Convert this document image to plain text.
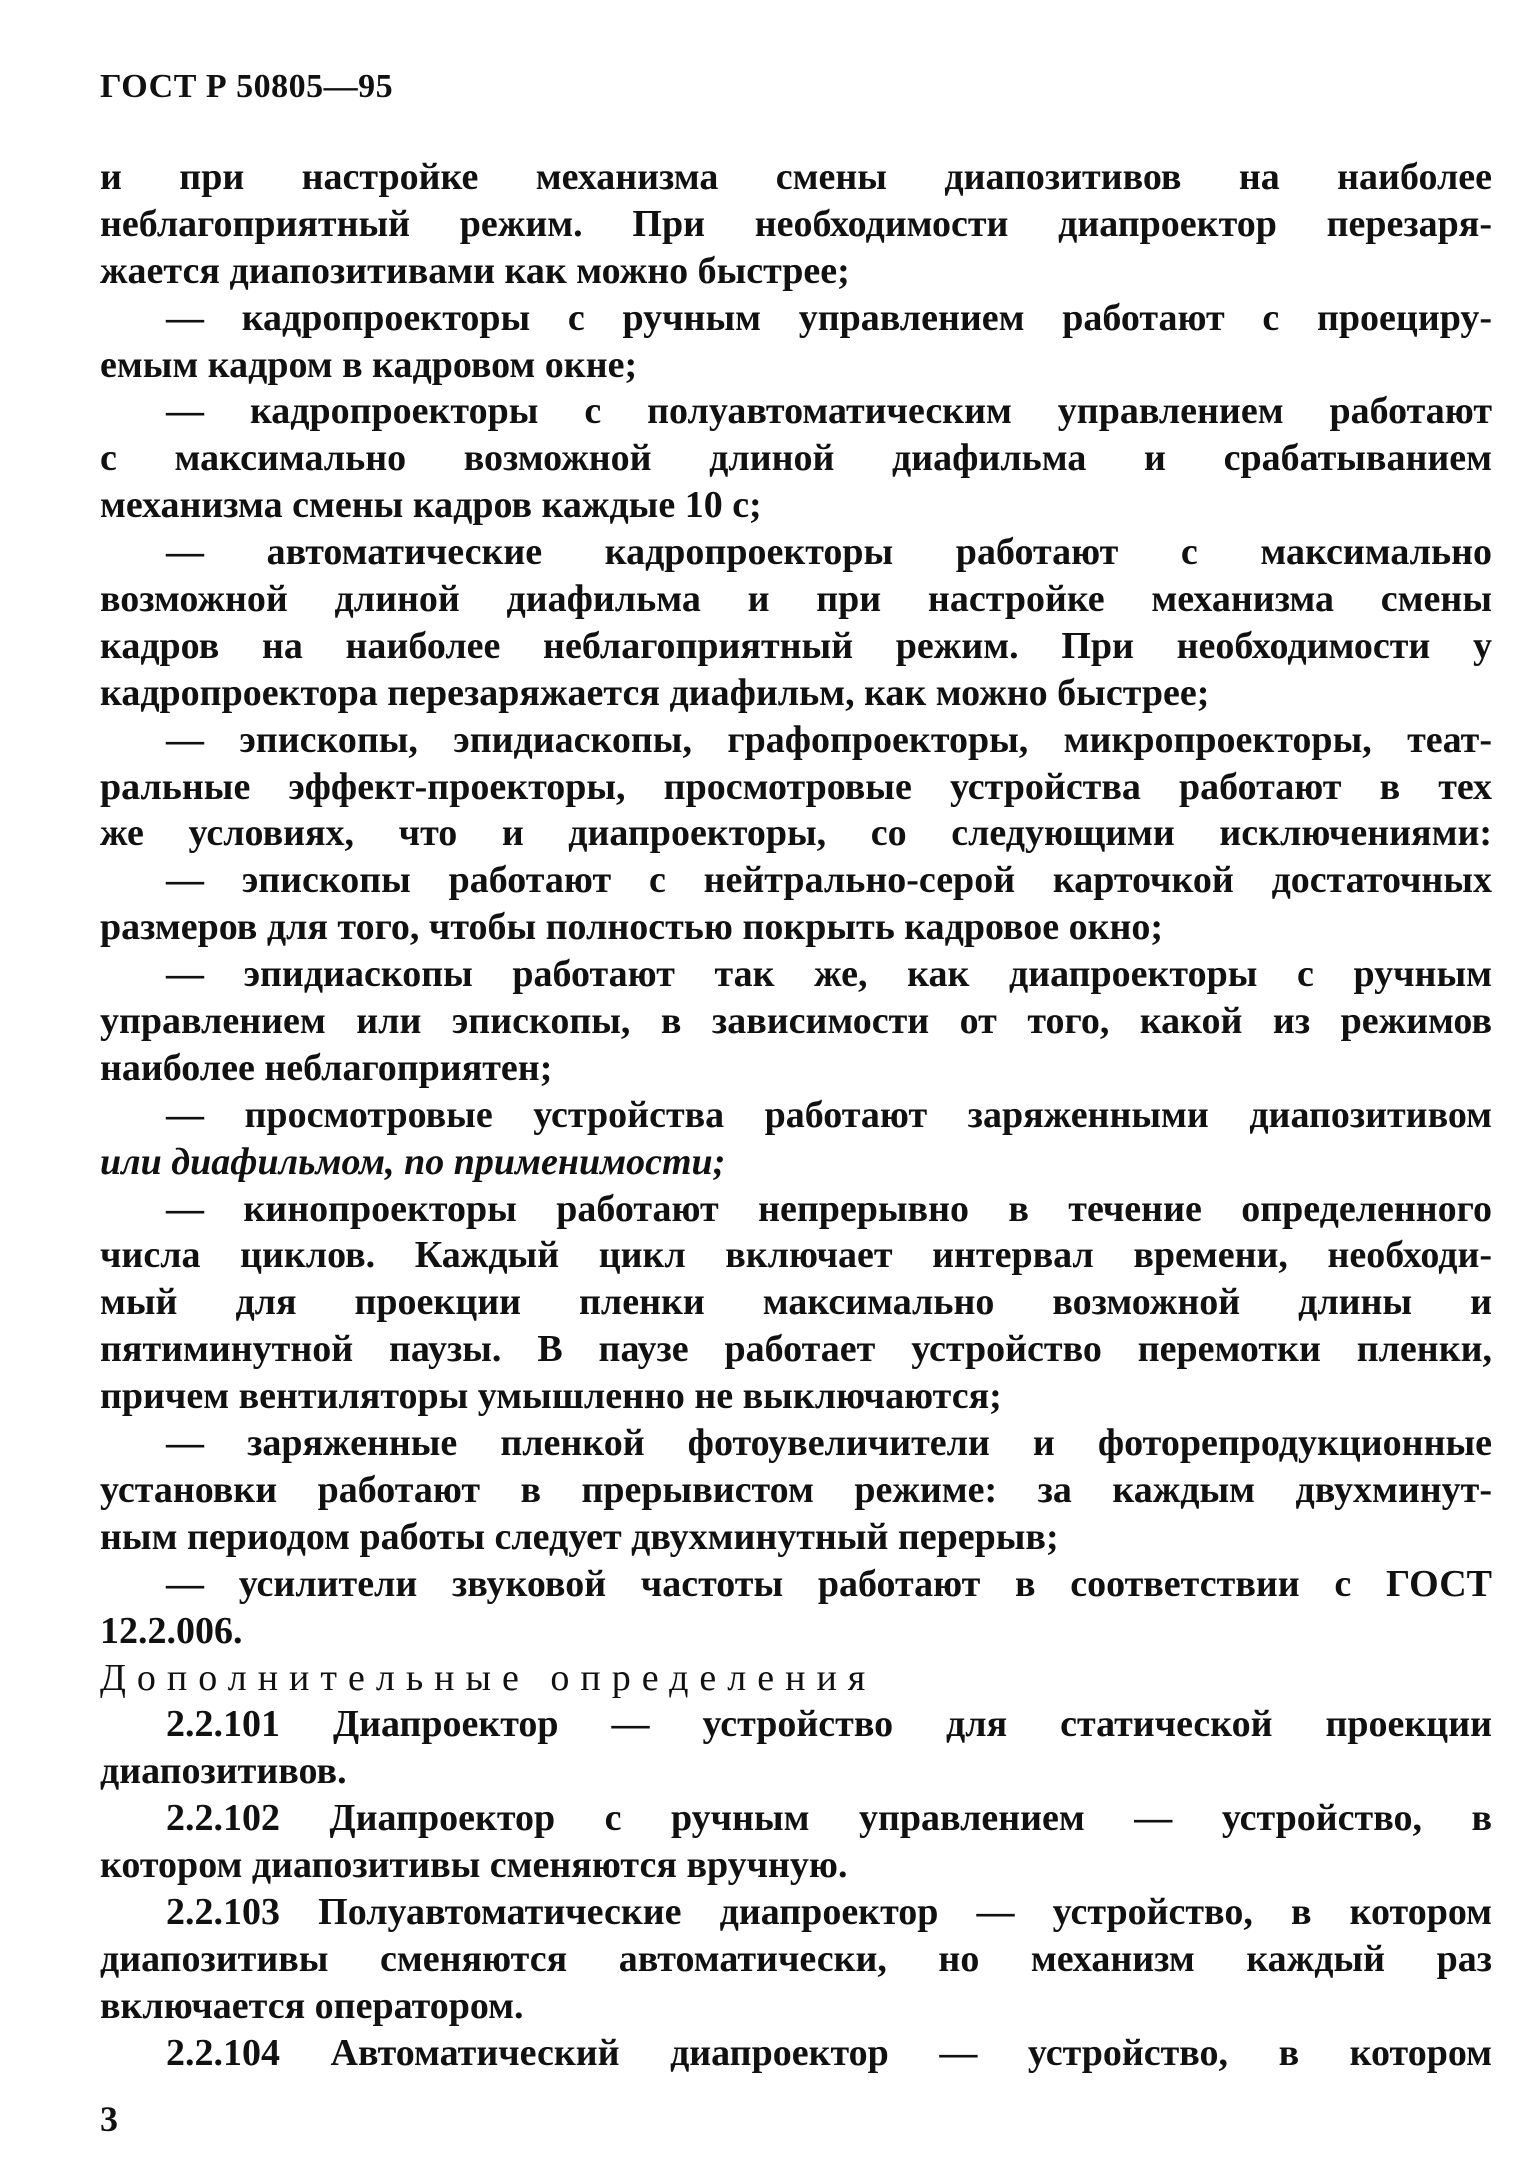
ГОСТ Р 50805—95
и при настройке механизма смены диапозитивов на наиболее
неблагоприятный режим. При необходимости диапроектор перезаря-
жается диапозитивами как можно быстрее;
— кадропроекторы с ручным управлением работают с проециру-
емым кадром в кадровом окне;
— кадропроекторы с полуавтоматическим управлением работают
с максимально возможной длиной диафильма и срабатыванием
механизма смены кадров каждые 10 с;
— автоматические кадропроекторы работают с максимально
возможной длиной диафильма и при настройке механизма смены
кадров на наиболее неблагоприятный режим. При необходимости у
кадропроектора перезаряжается диафильм, как можно быстрее;
— эпископы, эпидиаскопы, графопроекторы, микропроекторы, теат-
ральные эффект-проекторы, просмотровые устройства работают в тех
же условиях, что и диапроекторы, со следующими исключениями:
— эпископы работают с нейтрально-серой карточкой достаточных
размеров для того, чтобы полностью покрыть кадровое окно;
— эпидиаскопы работают так же, как диапроекторы с ручным
управлением или эпископы, в зависимости от того, какой из режимов
наиболее неблагоприятен;
— просмотровые устройства работают заряженными диапозитивом
или диафильмом, по применимости;
— кинопроекторы работают непрерывно в течение определенного
числа циклов. Каждый цикл включает интервал времени, необходи-
мый для проекции пленки максимально возможной длины и
пятиминутной паузы. В паузе работает устройство перемотки пленки,
причем вентиляторы умышленно не выключаются;
— заряженные пленкой фотоувеличители и фоторепродукционные
установки работают в прерывистом режиме: за каждым двухминут-
ным периодом работы следует двухминутный перерыв;
— усилители звуковой частоты работают в соответствии с ГОСТ
12.2.006.
Дополнительные определения
2.2.101 Диапроектор — устройство для статической проекции
диапозитивов.
2.2.102 Диапроектор с ручным управлением — устройство, в
котором диапозитивы сменяются вручную.
2.2.103 Полуавтоматические диапроектор — устройство, в котором
диапозитивы сменяются автоматически, но механизм каждый раз
включается оператором.
2.2.104 Автоматический диапроектор — устройство, в котором
3
